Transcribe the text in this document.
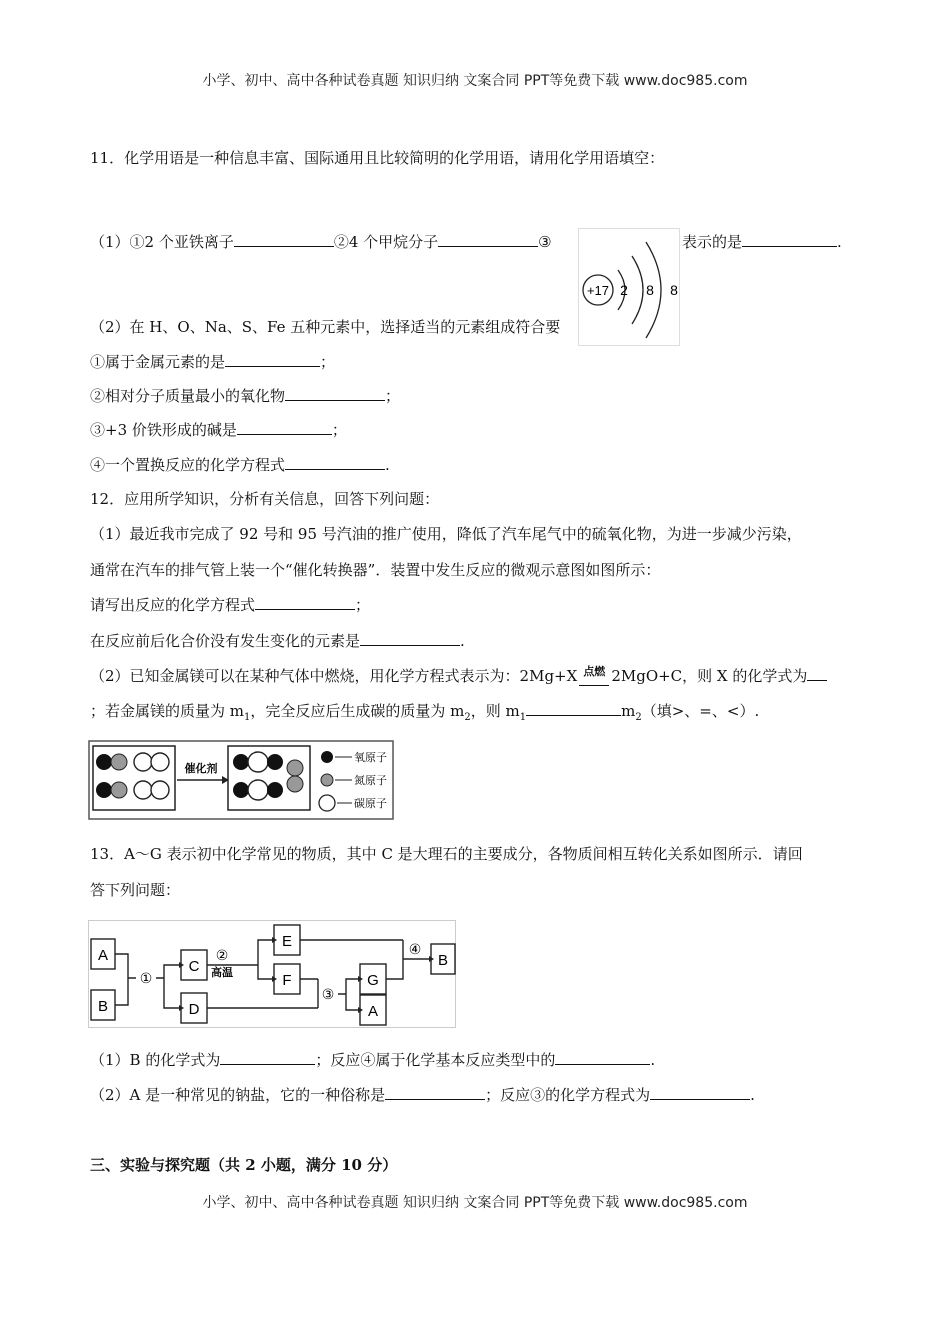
小学、初中、高中各种试卷真题 知识归纳 文案合同 PPT等免费下载 www.doc985.com
11．化学用语是一种信息丰富、国际通用且比较简明的化学用语，请用化学用语填空：
（1）①2 个亚铁离子	②4 个甲烷分子	③
+17 2 8 8
表示的是	.
（2）在 H、O、Na、S、Fe 五种元素中，选择适当的元素组成符合要
①属于金属元素的是	；
②相对分子质量最小的氧化物	；
③+3 价铁形成的碱是	；
④一个置换反应的化学方程式	.
12．应用所学知识，分析有关信息，回答下列问题：
（1）最近我市完成了 92 号和 95 号汽油的推广使用，降低了汽车尾气中的硫氧化物，为进一步减少污染，
通常在汽车的排气管上装一个“催化转换器”．装置中发生反应的微观示意图如图所示：
请写出反应的化学方程式	；
在反应前后化合价没有发生变化的元素是	.
（2）已知金属镁可以在某种气体中燃烧，用化学方程式表示为：2Mg+X $^{点燃}$ 2MgO+C，则 X 的化学式为
；若金属镁的质量为 $m_1$，完全反应后生成碳的质量为 $m_2$，则 $m_1$	$m_2$（填>、=、<）.
催化剂
氧原子
氮原子
碳原子
13．A～G 表示初中化学常见的物质，其中 C 是大理石的主要成分，各物质间相互转化关系如图所示．请回
答下列问题：
A
B
C
D
E
F	G
A
B
①
②
③
④
高温
（1）B 的化学式为	；反应④属于化学基本反应类型中的	.
（2）A 是一种常见的钠盐，它的一种俗称是	；反应③的化学方程式为	.
三、实验与探究题（共 2 小题，满分 10 分）
小学、初中、高中各种试卷真题 知识归纳 文案合同 PPT等免费下载 www.doc985.com
